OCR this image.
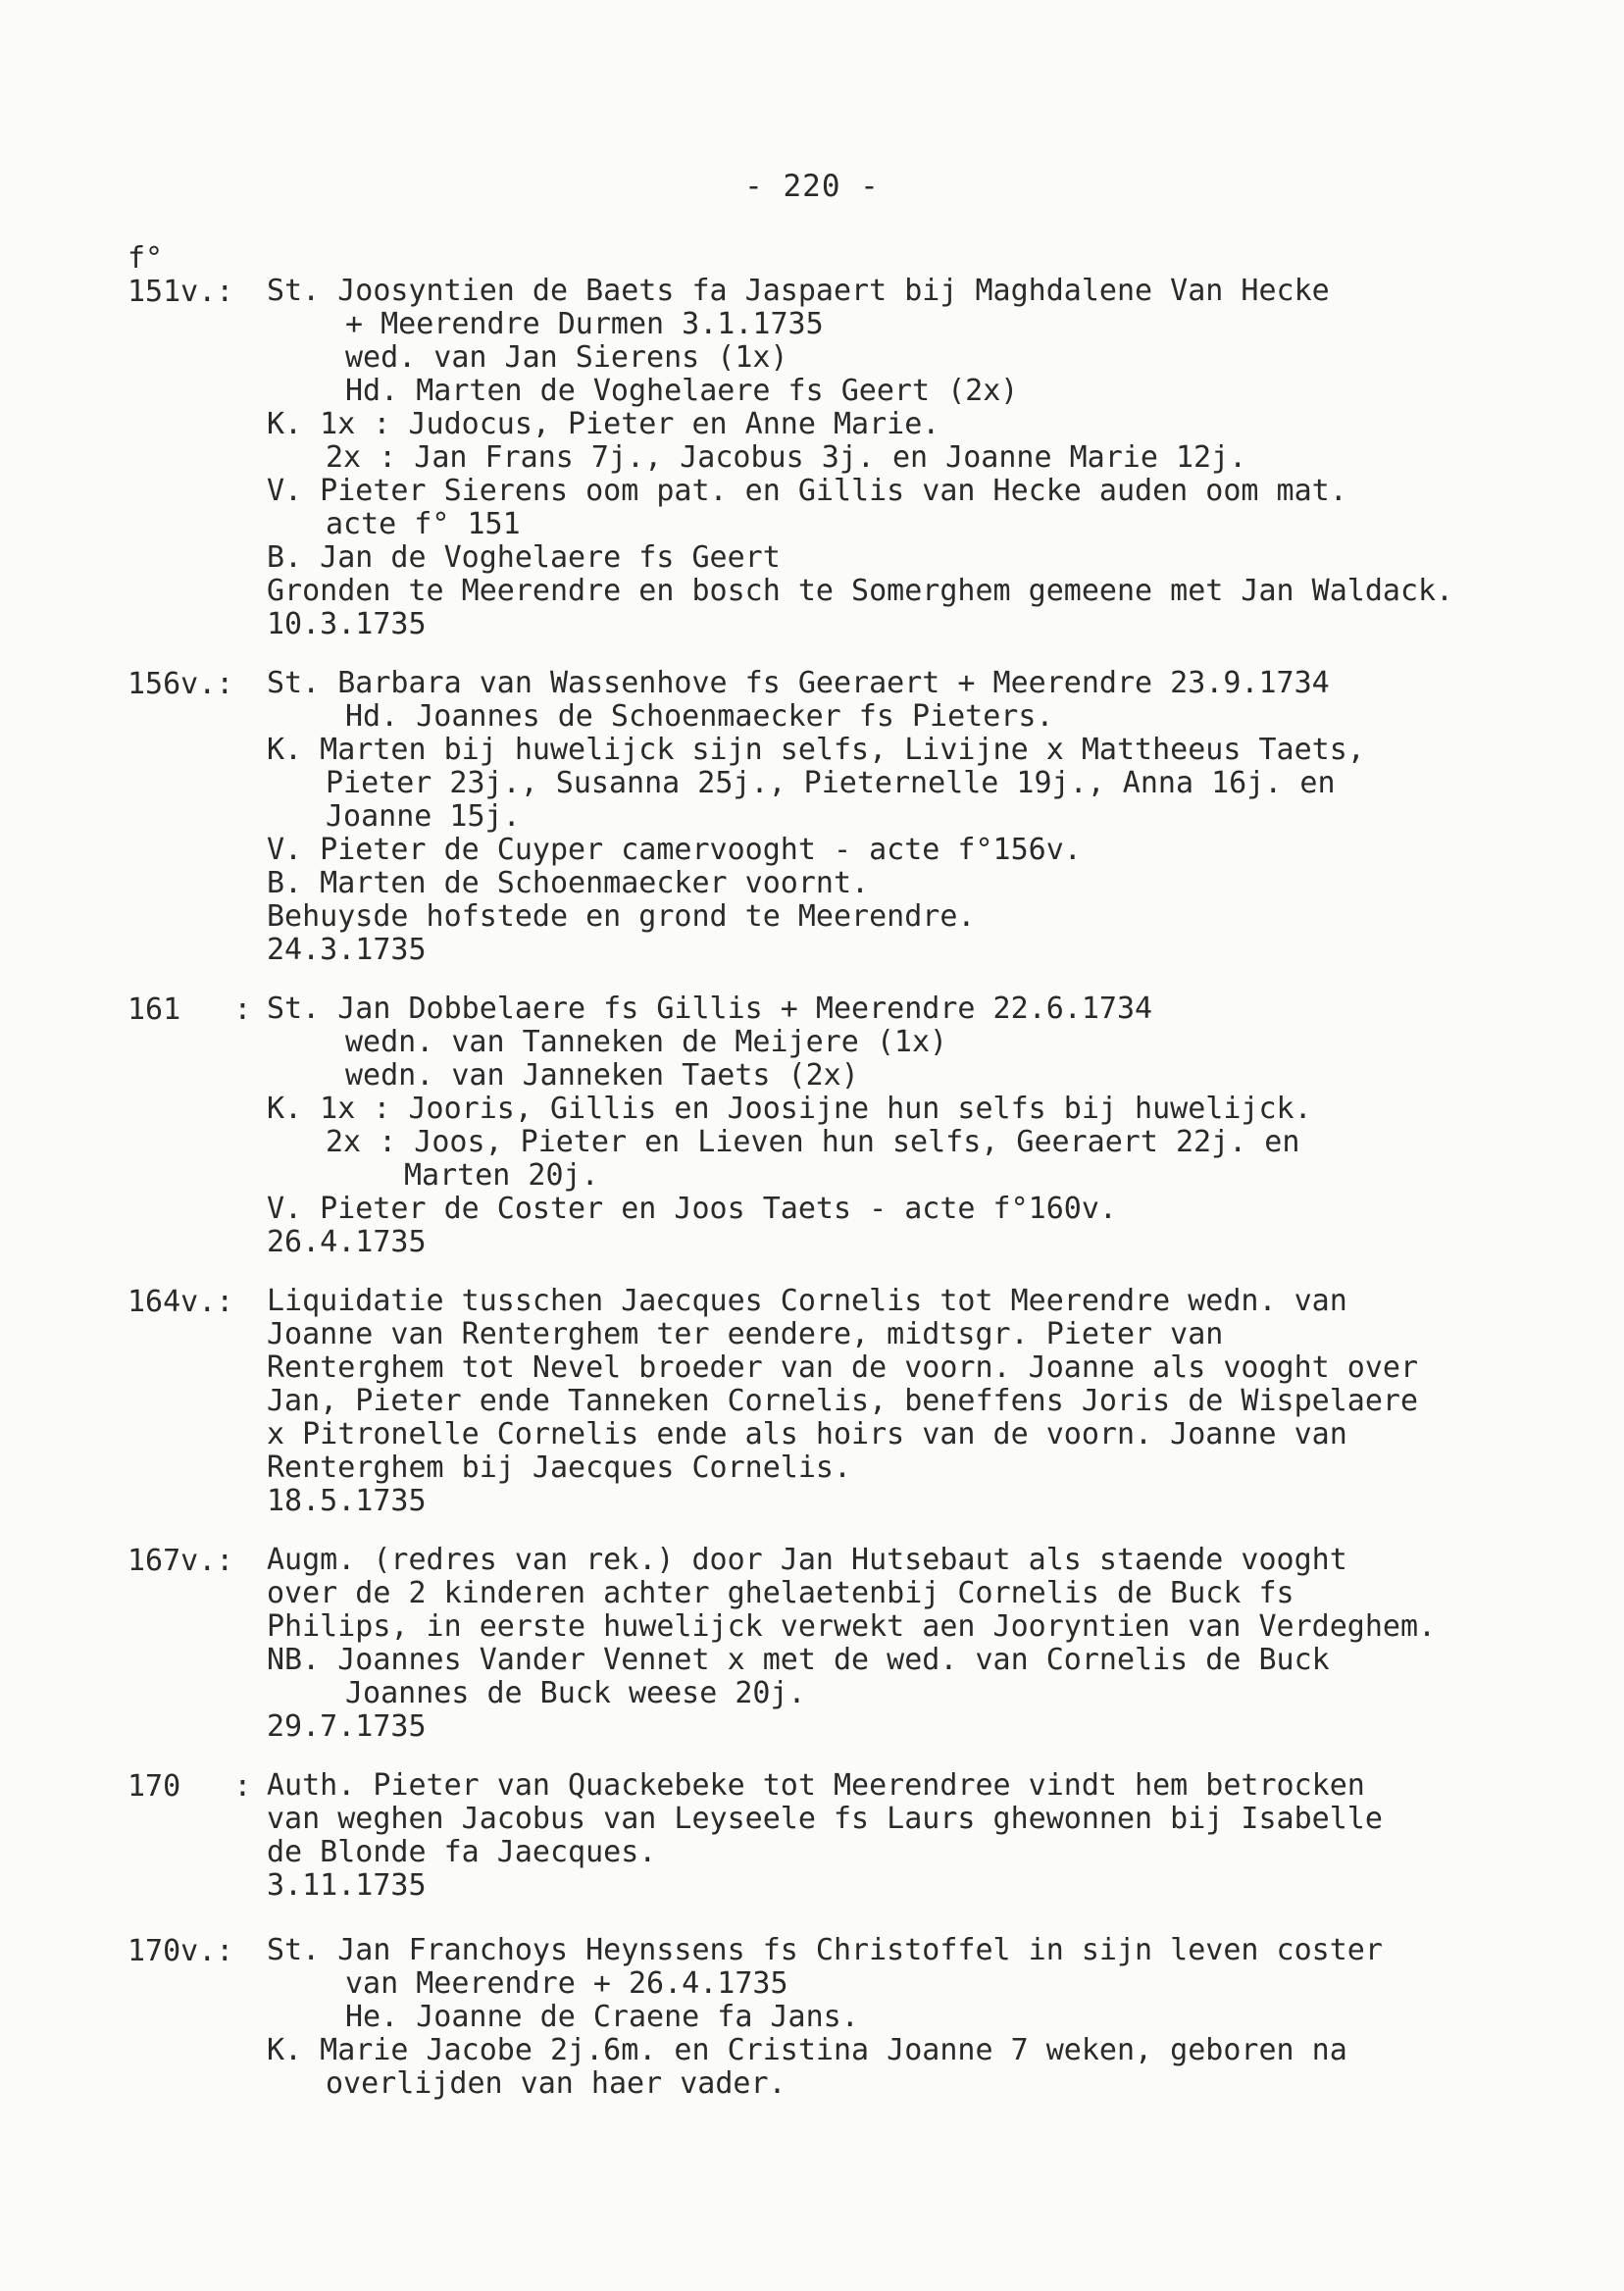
- 220 -
f°
151v.: St. Joosyntien de Baets fa Jaspaert bij Maghdalene Van Hecke
+ Meerendre Durmen 3.1.1735
wed. van Jan Sierens (1x)
Hd. Marten de Voghelaere fs Geert (2x)
K. 1x : Judocus, Pieter en Anne Marie.
2x : Jan Frans 7j., Jacobus 3j. en Joanne Marie 12j.
V. Pieter Sierens oom pat. en Gillis van Hecke auden oom mat.
acte f° 151
B. Jan de Voghelaere fs Geert
Gronden te Meerendre en bosch te Somerghem gemeene met Jan Waldack.
10.3.1735
156v.: St. Barbara van Wassenhove fs Geeraert + Meerendre 23.9.1734
Hd. Joannes de Schoenmaecker fs Pieters.
K. Marten bij huwelijck sijn selfs, Livijne x Mattheeus Taets,
Pieter 23j., Susanna 25j., Pieternelle 19j., Anna 16j. en
Joanne 15j.
V. Pieter de Cuyper camervooght - acte f°156v.
B. Marten de Schoenmaecker voornt.
Behuysde hofstede en grond te Meerendre.
24.3.1735
161   : St. Jan Dobbelaere fs Gillis + Meerendre 22.6.1734
wedn. van Tanneken de Meijere (1x)
wedn. van Janneken Taets (2x)
K. 1x : Jooris, Gillis en Joosijne hun selfs bij huwelijck.
2x : Joos, Pieter en Lieven hun selfs, Geeraert 22j. en
Marten 20j.
V. Pieter de Coster en Joos Taets - acte f°160v.
26.4.1735
164v.: Liquidatie tusschen Jaecques Cornelis tot Meerendre wedn. van
Joanne van Renterghem ter eendere, midtsgr. Pieter van
Renterghem tot Nevel broeder van de voorn. Joanne als vooght over
Jan, Pieter ende Tanneken Cornelis, beneffens Joris de Wispelaere
x Pitronelle Cornelis ende als hoirs van de voorn. Joanne van
Renterghem bij Jaecques Cornelis.
18.5.1735
167v.: Augm. (redres van rek.) door Jan Hutsebaut als staende vooght
over de 2 kinderen achter ghelaetenbij Cornelis de Buck fs
Philips, in eerste huwelijck verwekt aen Jooryntien van Verdeghem.
NB. Joannes Vander Vennet x met de wed. van Cornelis de Buck
Joannes de Buck weese 20j.
29.7.1735
170   : Auth. Pieter van Quackebeke tot Meerendree vindt hem betrocken
van weghen Jacobus van Leyseele fs Laurs ghewonnen bij Isabelle
de Blonde fa Jaecques.
3.11.1735
170v.: St. Jan Franchoys Heynssens fs Christoffel in sijn leven coster
van Meerendre + 26.4.1735
He. Joanne de Craene fa Jans.
K. Marie Jacobe 2j.6m. en Cristina Joanne 7 weken, geboren na
overlijden van haer vader.
